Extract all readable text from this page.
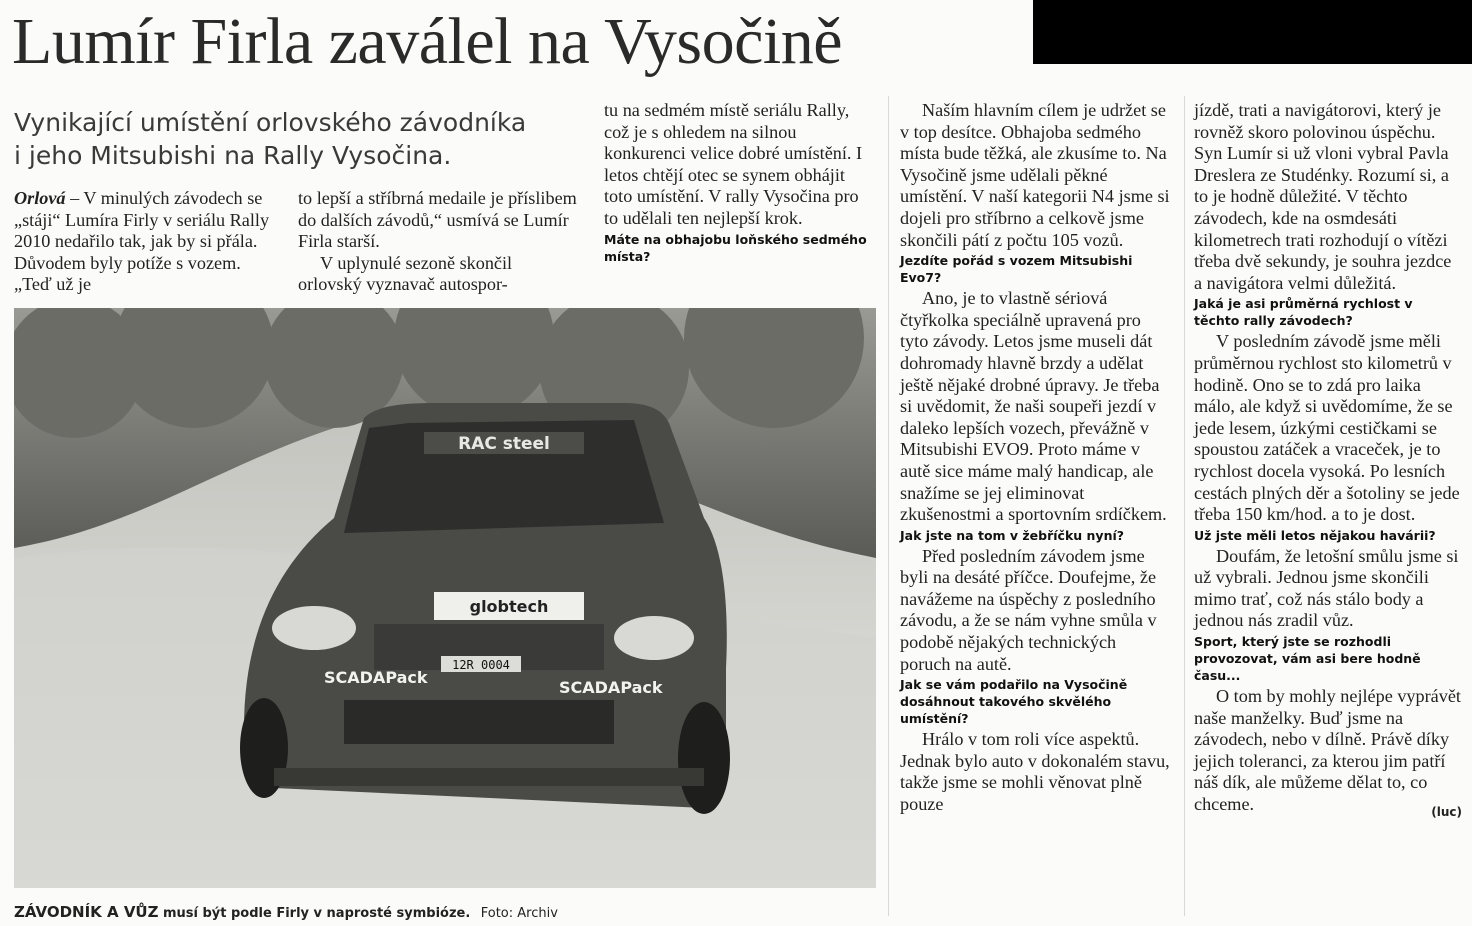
Lumír Firla zaválel na Vysočině
Vynikající umístění orlovského závodníka
i jeho Mitsubishi na Rally Vysočina.

Orlová – V minulých závodech se „stáji“ Lumíra Firly v seriálu Rally 2010 nedařilo tak, jak by si přála. Důvodem byly potíže s vozem. „Teď už je

to lepší a stříbrná medaile je příslibem do dalších závodů,“ usmívá se Lumír Firla starší.

V uplynulé sezoně skončil orlovský vyznavač autospor-

tu na sedmém místě seriálu Rally, což je s ohledem na silnou konkurenci velice dobré umístění. I letos chtějí otec se synem obhájit toto umístění. V rally Vysočina pro to udělali ten nejlepší krok.

Máte na obhajobu loňského sedmého místa?

Naším hlavním cílem je udržet se v top desítce. Obhajoba sedmého místa bude těžká, ale zkusíme to. Na Vysočině jsme udělali pěkné umístění. V naší kategorii N4 jsme si dojeli pro stříbrno a celkově jsme skončili pátí z počtu 105 vozů.

Jezdíte pořád s vozem Mitsubishi Evo7?

Ano, je to vlastně sériová čtyřkolka speciálně upravená pro tyto závody. Letos jsme museli dát dohromady hlavně brzdy a udělat ještě nějaké drobné úpravy. Je třeba si uvědomit, že naši soupeři jezdí v daleko lepších vozech, převážně v Mitsubishi EVO9. Proto máme v autě sice máme malý handicap, ale snažíme se jej eliminovat zkušenostmi a sportovním srdíčkem.

Jak jste na tom v žebříčku nyní?

Před posledním závodem jsme byli na desáté příčce. Doufejme, že navážeme na úspěchy z posledního závodu, a že se nám vyhne smůla v podobě nějakých technických poruch na autě.

Jak se vám podařilo na Vysočině dosáhnout takového skvělého umístění?

Hrálo v tom roli více aspektů. Jednak bylo auto v dokonalém stavu, takže jsme se mohli věnovat plně pouze

jízdě, trati a navigátorovi, který je rovněž skoro polovinou úspěchu. Syn Lumír si už vloni vybral Pavla Dreslera ze Studénky. Rozumí si, a to je hodně důležité. V těchto závodech, kde na osmdesáti kilometrech trati rozhodují o vítězi třeba dvě sekundy, je souhra jezdce a navigátora velmi důležitá.

Jaká je asi průměrná rychlost v těchto rally závodech?

V posledním závodě jsme měli průměrnou rychlost sto kilometrů v hodině. Ono se to zdá pro laika málo, ale když si uvědomíme, že se jede lesem, úzkými cestičkami se spoustou zatáček a vraceček, je to rychlost docela vysoká. Po lesních cestách plných děr a šotoliny se jede třeba 150 km/hod. a to je dost.

Už jste měli letos nějakou havárii?

Doufám, že letošní smůlu jsme si už vybrali. Jednou jsme skončili mimo trať, což nás stálo body a jednou nás zradil vůz.

Sport, který jste se rozhodli provozovat, vám asi bere hodně času...

O tom by mohly nejlépe vyprávět naše manželky. Buď jsme na závodech, nebo v dílně. Právě díky jejich toleranci, za kterou jim patří náš dík, ale můžeme dělat to, co chceme.	(luc)

RAC steel
globtech
12R 0004
SCADAPack
SCADAPack
ZÁVODNÍK A VŮZ musí být podle Firly v naprosté symbióze. Foto: Archiv
